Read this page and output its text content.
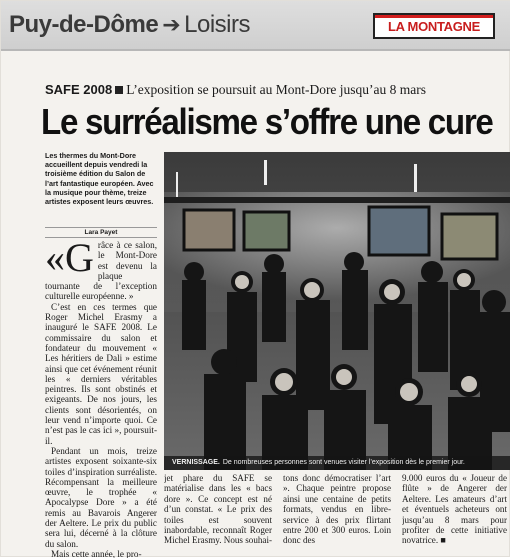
Puy-de-Dôme ➔ Loisirs	LA MONTAGNE
SAFE 2008 L’exposition se poursuit au Mont-Dore jusqu’au 8 mars
Le surréalisme s’offre une cure
Les thermes du Mont-Dore accueillent depuis vendredi la troisième édition du Salon de l’art fantastique européen. Avec la musique pour thème, treize artistes exposent leurs œuvres.
Lara Payet

«Grâce à ce salon, le Mont-Dore est devenu la plaque tournante de l’exception culturelle européenne. »

C’est en ces termes que Roger Michel Erasmy a inauguré le SAFE 2008. Le commissaire du salon et fondateur du mouvement « Les héritiers de Dali » estime ainsi que cet événement réunit les « derniers véritables peintres. Ils sont obstinés et exigeants. De nos jours, les clients sont désorientés, on leur vend n’importe quoi. Ce n’est pas le cas ici », poursuit-il.

Pendant un mois, treize artistes exposent soixante-six toiles d’inspiration surréaliste. Récompensant la meilleure œuvre, le trophée « Apocalypse Dore » a été remis au Bavarois Angerer der Aeltere. Le prix du public sera lui, décerné à la clôture du salon.

Mais cette année, le pro-

VERNISSAGE. De nombreuses personnes sont venues visiter l’exposition dès le premier jour.

jet phare du SAFE se matérialise dans les « bacs dore ». Ce concept est né d’un constat. « Le prix des toiles est souvent inabordable, reconnaît Roger Michel Erasmy. Nous souhai-

tons donc démocratiser l’art ». Chaque peintre propose ainsi une centaine de petits formats, vendus en libre-service à des prix flirtant entre 200 et 300 euros. Loin donc des

9.000 euros du « Joueur de flûte » de Angerer der Aeltere. Les amateurs d’art et éventuels acheteurs ont jusqu’au 8 mars pour profiter de cette initiative novatrice. ■
